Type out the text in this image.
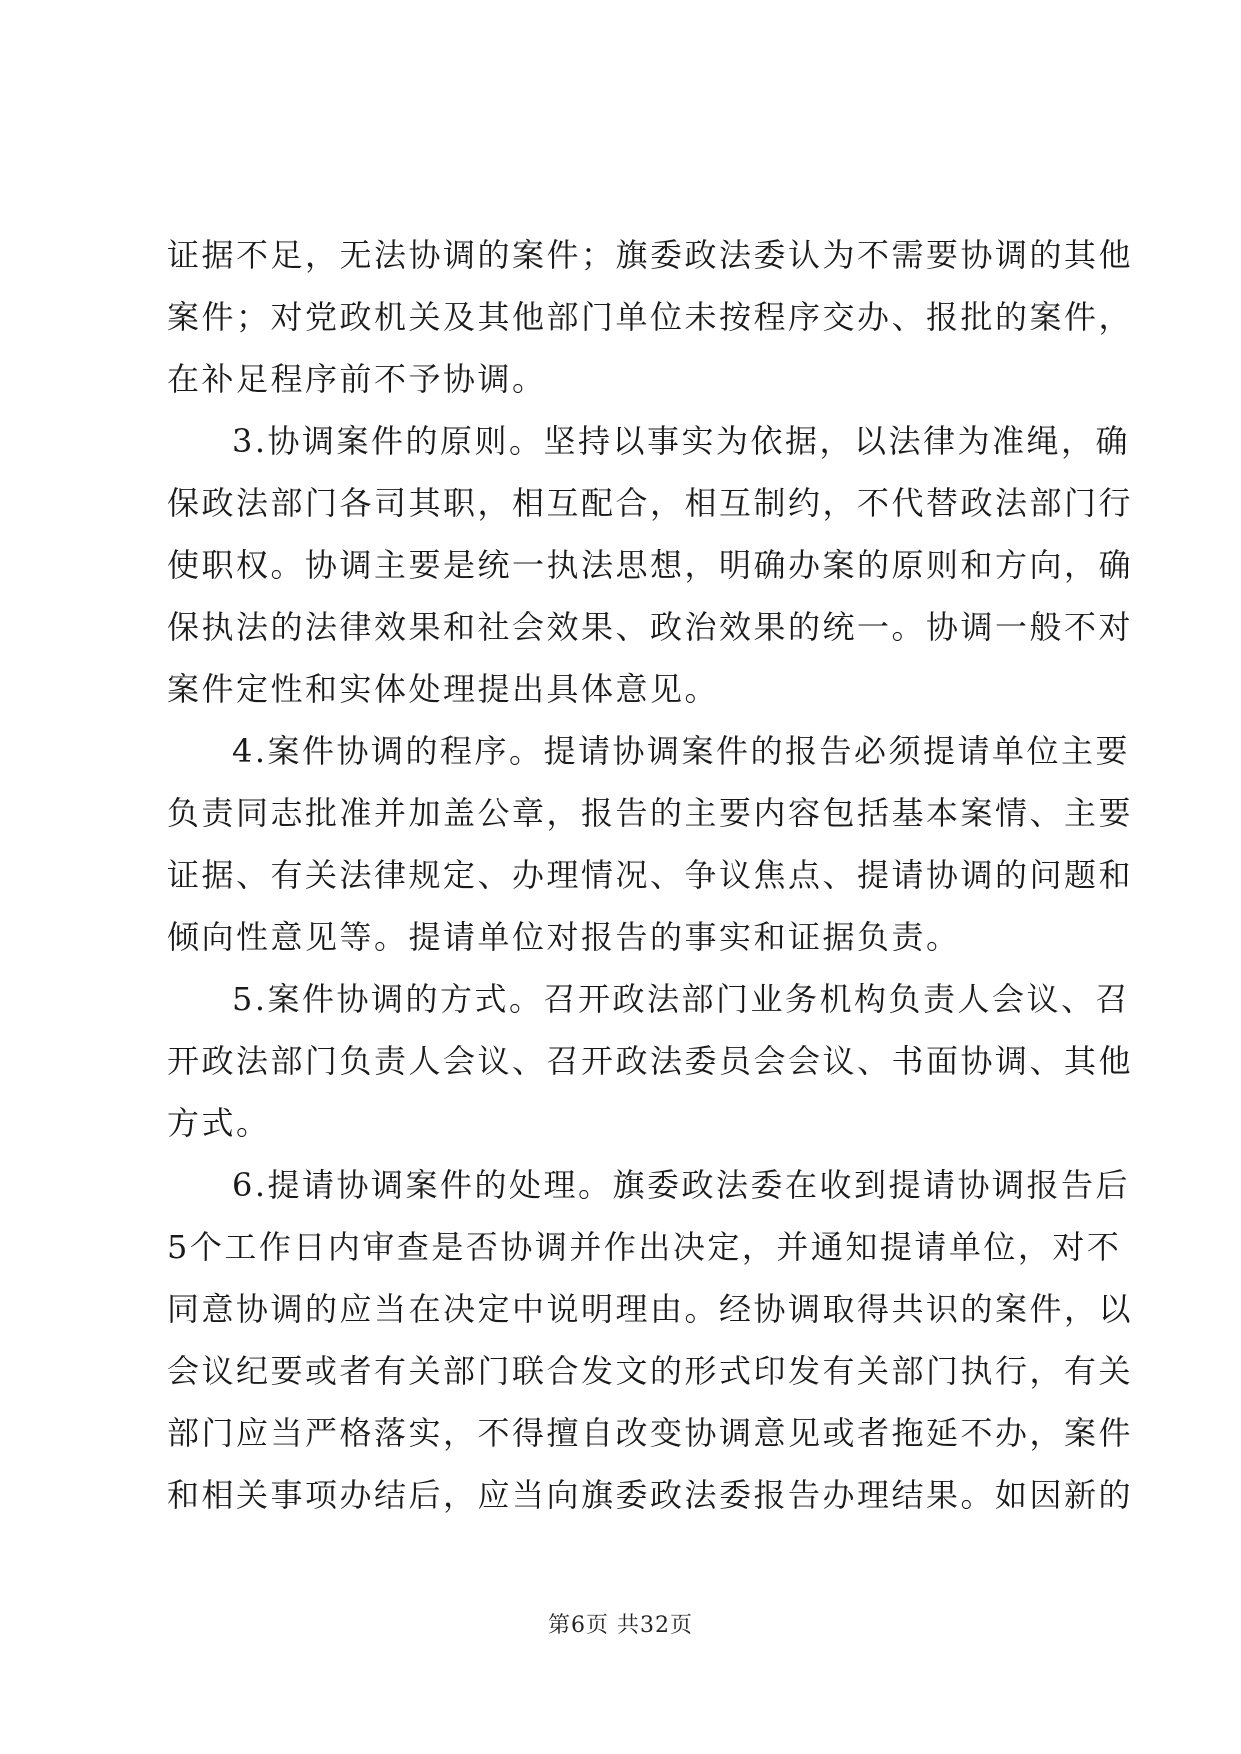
证据不足，无法协调的案件；旗委政法委认为不需要协调的其他
案件；对党政机关及其他部门单位未按程序交办、报批的案件，
在补足程序前不予协调。
3.协调案件的原则。坚持以事实为依据，以法律为准绳，确
保政法部门各司其职，相互配合，相互制约，不代替政法部门行
使职权。协调主要是统一执法思想，明确办案的原则和方向，确
保执法的法律效果和社会效果、政治效果的统一。协调一般不对
案件定性和实体处理提出具体意见。
4.案件协调的程序。提请协调案件的报告必须提请单位主要
负责同志批准并加盖公章，报告的主要内容包括基本案情、主要
证据、有关法律规定、办理情况、争议焦点、提请协调的问题和
倾向性意见等。提请单位对报告的事实和证据负责。
5.案件协调的方式。召开政法部门业务机构负责人会议、召
开政法部门负责人会议、召开政法委员会会议、书面协调、其他
方式。
6.提请协调案件的处理。旗委政法委在收到提请协调报告后
5个工作日内审查是否协调并作出决定，并通知提请单位，对不
同意协调的应当在决定中说明理由。经协调取得共识的案件，以
会议纪要或者有关部门联合发文的形式印发有关部门执行，有关
部门应当严格落实，不得擅自改变协调意见或者拖延不办，案件
和相关事项办结后，应当向旗委政法委报告办理结果。如因新的
第6页 共32页
